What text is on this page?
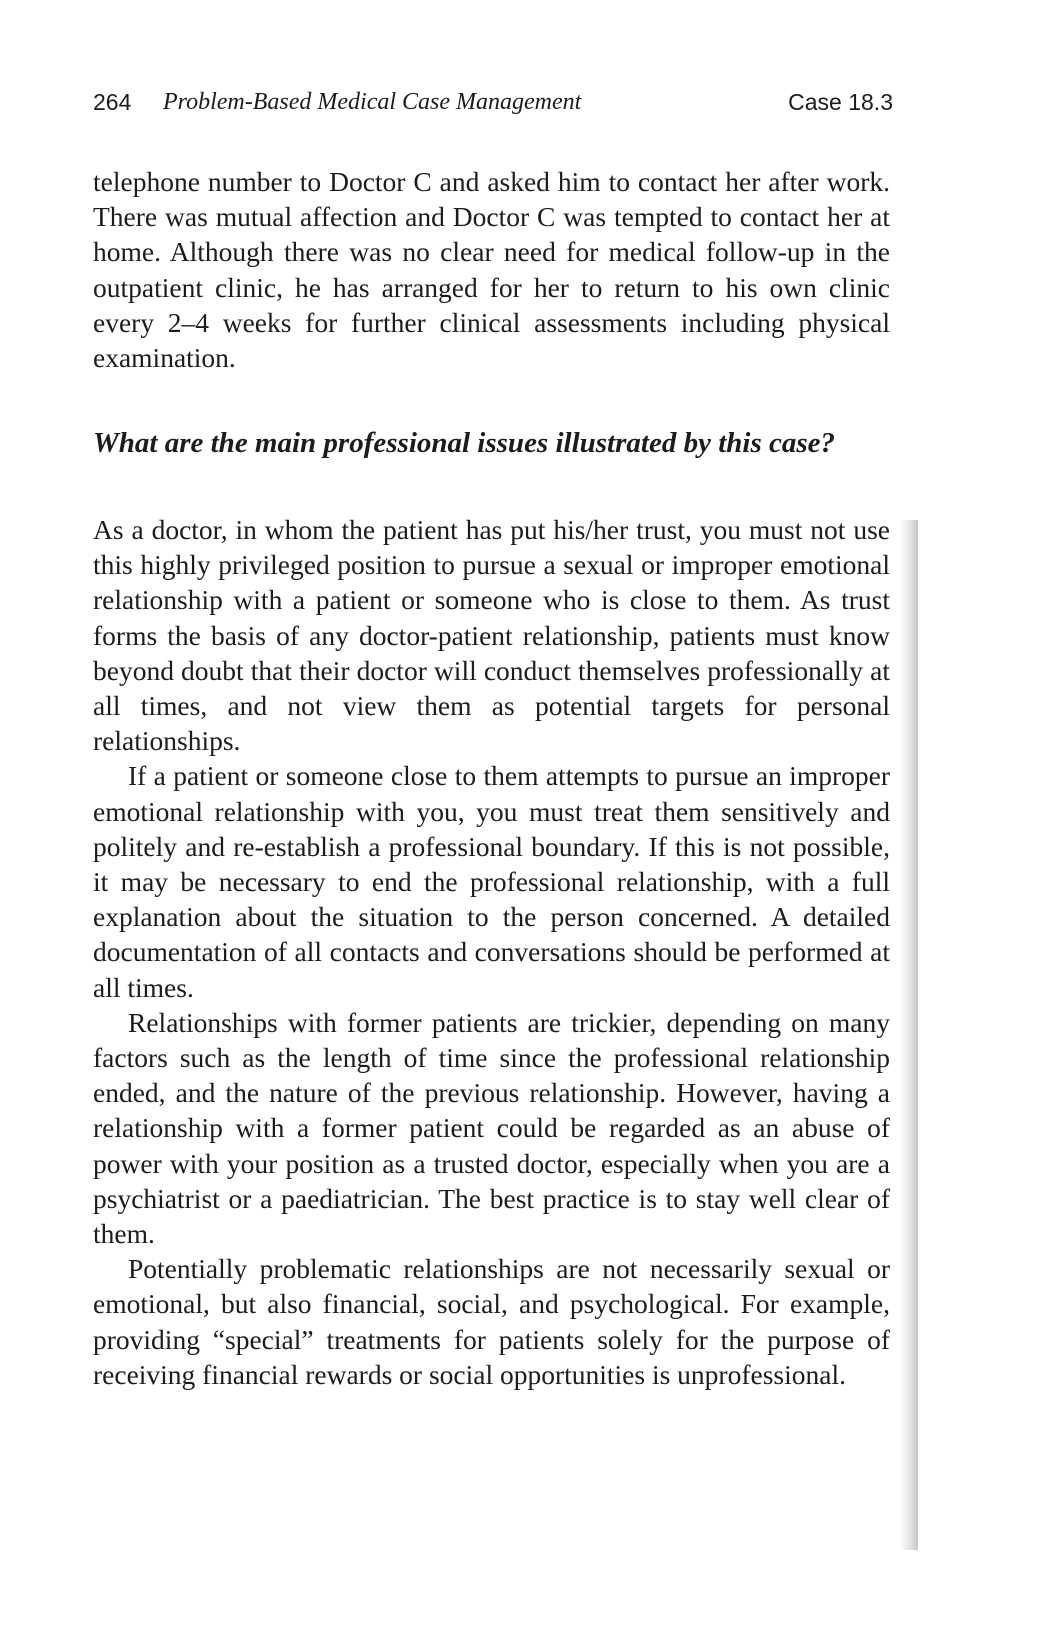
264 Problem-Based Medical Case Management	Case 18.3

telephone number to Doctor C and asked him to contact her after work. There was mutual affection and Doctor C was tempted to contact her at home. Although there was no clear need for medical follow-up in the outpatient clinic, he has arranged for her to return to his own clinic every 2–4 weeks for further clinical assessments including physical examination.

What are the main professional issues illustrated by this case?

As a doctor, in whom the patient has put his/her trust, you must not use this highly privileged position to pursue a sexual or improper emotional relationship with a patient or someone who is close to them. As trust forms the basis of any doctor-patient relationship, patients must know beyond doubt that their doctor will conduct themselves professionally at all times, and not view them as potential targets for personal relationships.

If a patient or someone close to them attempts to pursue an improper emotional relationship with you, you must treat them sensitively and politely and re-establish a professional boundary. If this is not possible, it may be necessary to end the professional relationship, with a full explanation about the situation to the person concerned. A detailed documentation of all contacts and conversations should be performed at all times.

Relationships with former patients are trickier, depending on many factors such as the length of time since the professional relationship ended, and the nature of the previous relationship. However, having a relationship with a former patient could be regarded as an abuse of power with your position as a trusted doctor, especially when you are a psychiatrist or a paediatrician. The best practice is to stay well clear of them.

Potentially problematic relationships are not necessarily sexual or emotional, but also financial, social, and psychological. For example, providing “special” treatments for patients solely for the purpose of receiving financial rewards or social opportunities is unprofessional.
